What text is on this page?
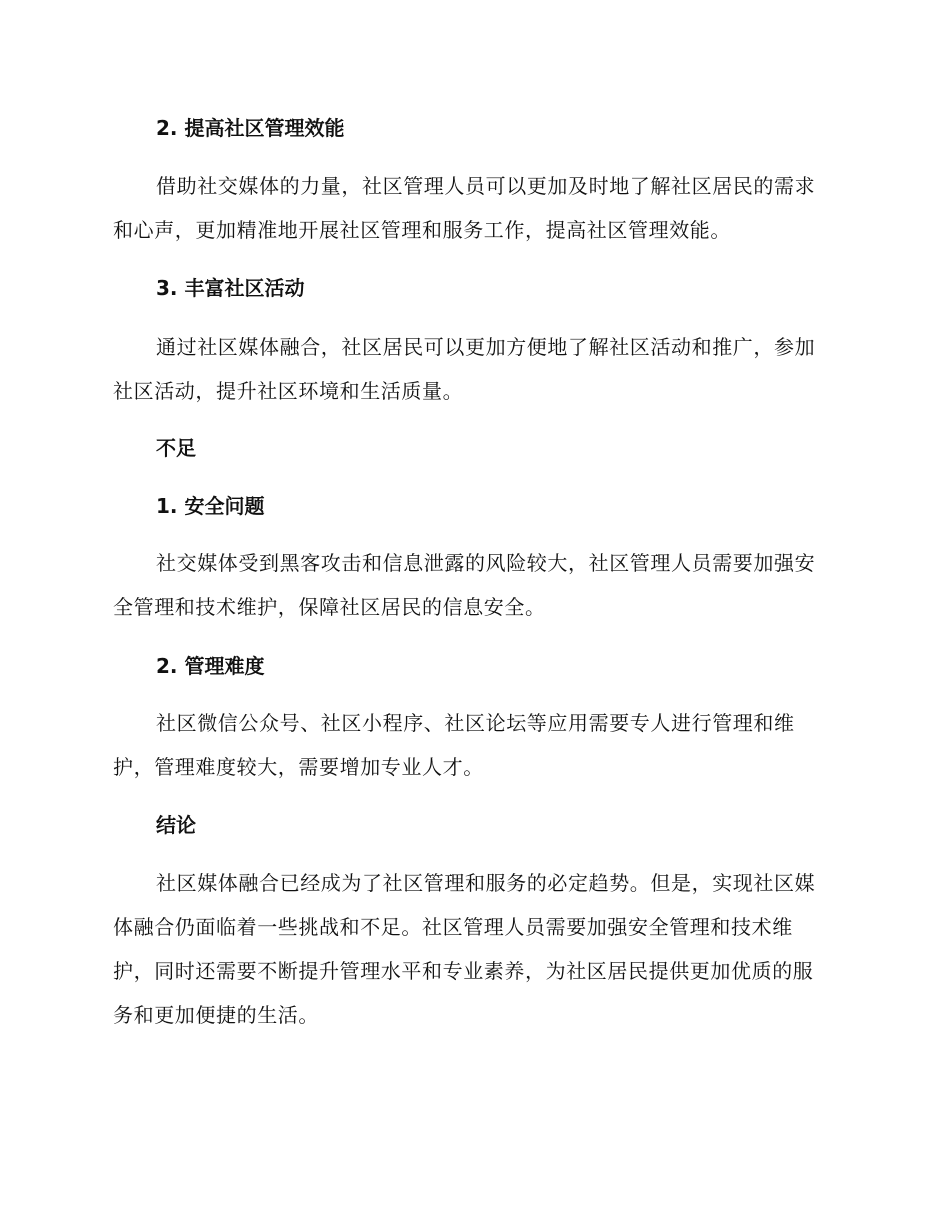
2. 提高社区管理效能

借助社交媒体的力量，社区管理人员可以更加及时地了解社区居民的需求和心声，更加精准地开展社区管理和服务工作，提高社区管理效能。

3. 丰富社区活动

通过社区媒体融合，社区居民可以更加方便地了解社区活动和推广，参加社区活动，提升社区环境和生活质量。

不足
1. 安全问题

社交媒体受到黑客攻击和信息泄露的风险较大，社区管理人员需要加强安全管理和技术维护，保障社区居民的信息安全。

2. 管理难度

社区微信公众号、社区小程序、社区论坛等应用需要专人进行管理和维护，管理难度较大，需要增加专业人才。

结论

社区媒体融合已经成为了社区管理和服务的必定趋势。但是，实现社区媒体融合仍面临着一些挑战和不足。社区管理人员需要加强安全管理和技术维护，同时还需要不断提升管理水平和专业素养，为社区居民提供更加优质的服务和更加便捷的生活。
